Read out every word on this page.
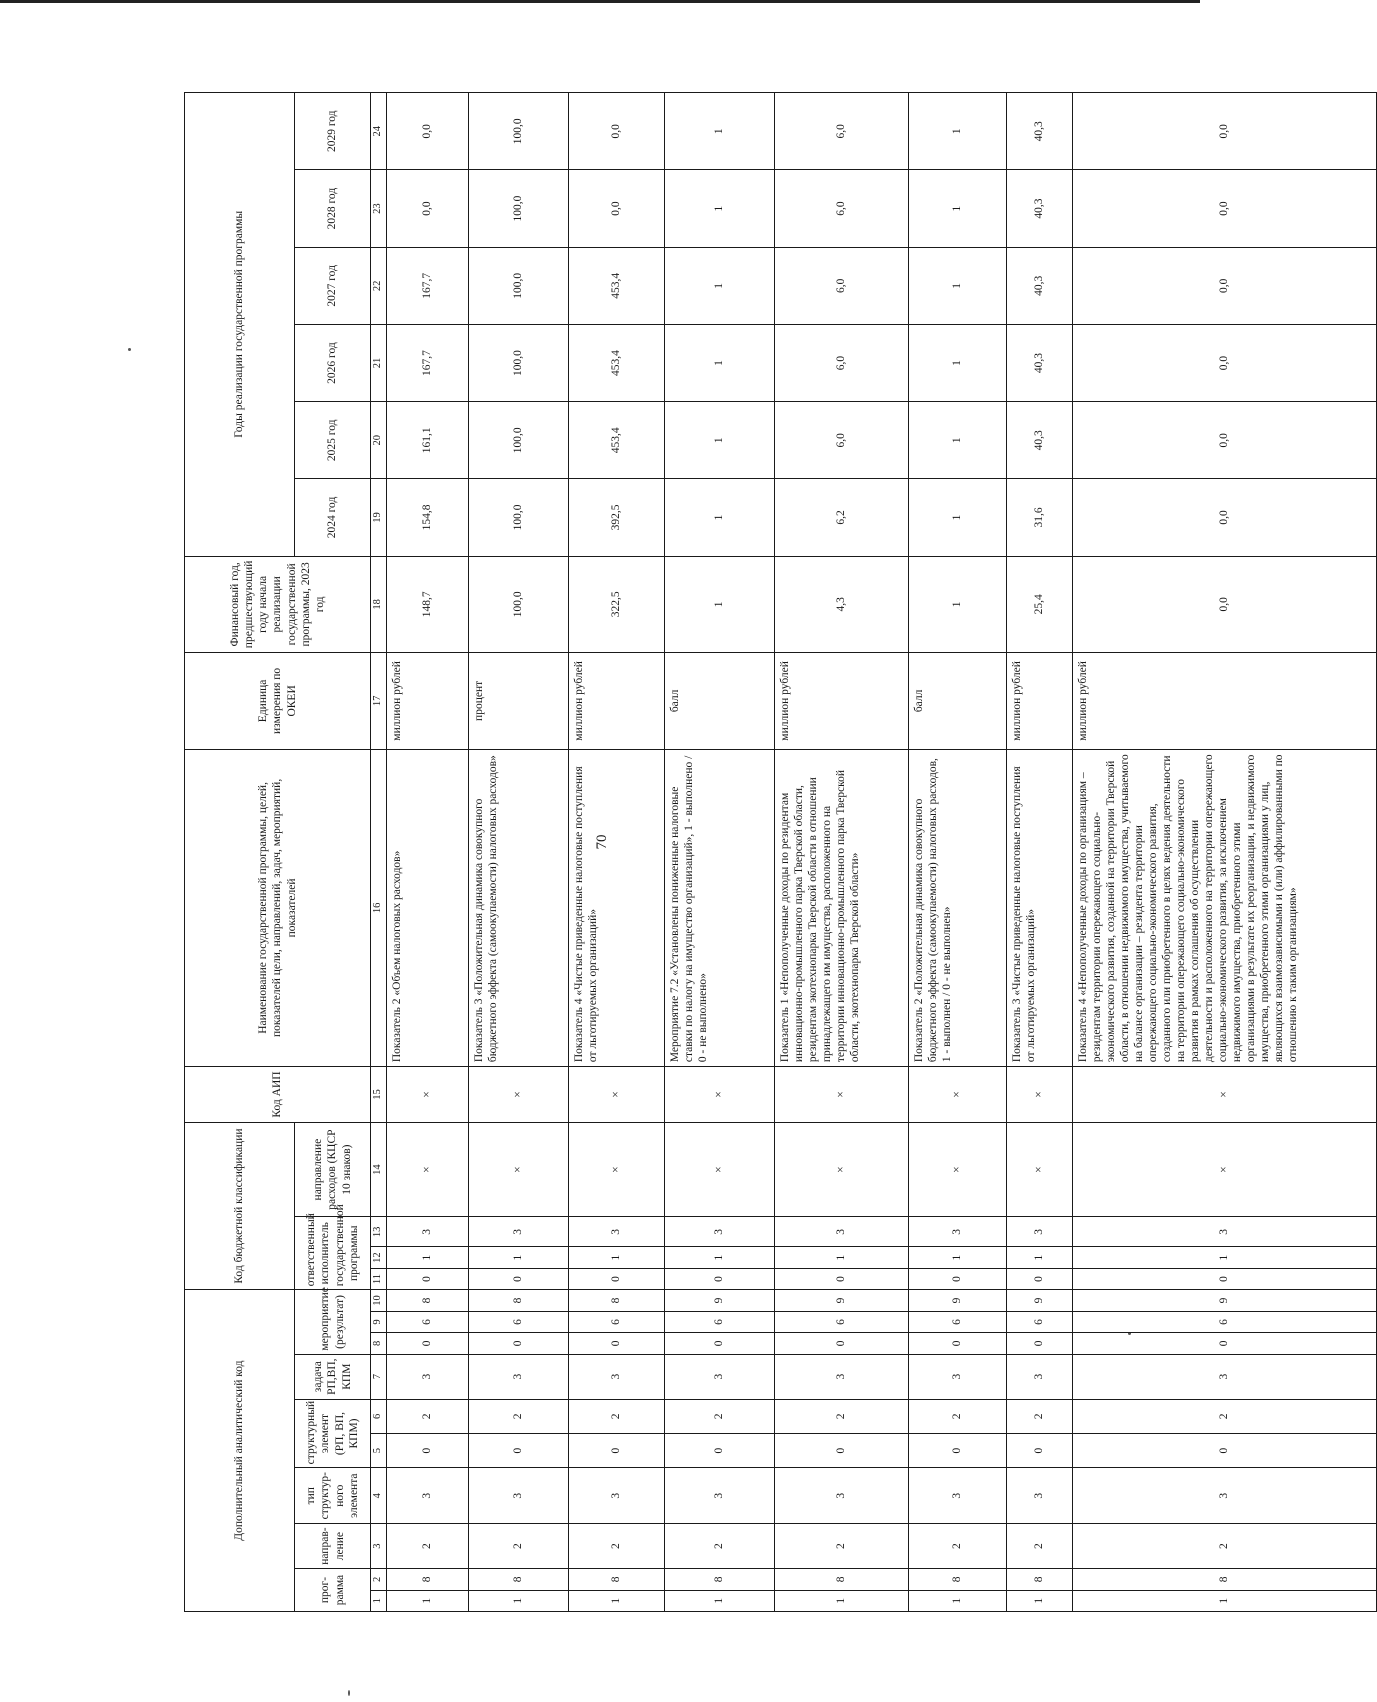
70
Дополнительный аналитический код										Код бюджетной классификации				Код АИП	Наименование государственной программы, целей, показателей цели, направлений, задач, мероприятий, показателей	Единица измерения по ОКЕИ	Финансовый год, предшествующий году начала реализации государственной программы, 2023 год	Годы реализации государственной программы					
прог-рамма		направ-ление	тип структур-ного элемента	структурный элемент (РП, ВП, КПМ)		задача РП,ВП, КПМ	мероприятие (результат)			ответственный исполнитель государственной программы			направление расходов (КЦСР 10 знаков)					2024 год	2025 год	2026 год	2027 год	2028 год	2029 год
1	2	3	4	5	6	7	8	9	10	11	12	13	14	15	16	17	18	19	20	21	22	23	24
1	8	2	3	0	2	3	0	6	8	0	1	3	×	×	Показатель 2 «Объем налоговых расходов»	миллион рублей	148,7	154,8	161,1	167,7	167,7	0,0	0,0
1	8	2	3	0	2	3	0	6	8	0	1	3	×	×	Показатель 3 «Положительная динамика совокупного бюджетного эффекта (самоокупаемости) налоговых расходов»	процент	100,0	100,0	100,0	100,0	100,0	100,0	100,0
1	8	2	3	0	2	3	0	6	8	0	1	3	×	×	Показатель 4 «Чистые приведенные налоговые поступления от льготируемых организаций»	миллион рублей	322,5	392,5	453,4	453,4	453,4	0,0	0,0
1	8	2	3	0	2	3	0	6	9	0	1	3	×	×	Мероприятие 7.2 «Установлены пониженные налоговые ставки по налогу на имущество организаций», 1 - выполнено / 0 - не выполнено»	балл	1	1	1	1	1	1	1
1	8	2	3	0	2	3	0	6	9	0	1	3	×	×	Показатель 1 «Непополученные доходы по резидентам инновационно-промышленного парка Тверской области, резидентам экотехнопарка Тверской области в отношении принадлежащего им имущества, расположенного на территории инновационно-промышленного парка Тверской области, экотехнопарка Тверской области»	миллион рублей	4,3	6,2	6,0	6,0	6,0	6,0	6,0
1	8	2	3	0	2	3	0	6	9	0	1	3	×	×	Показатель 2 «Положительная динамика совокупного бюджетного эффекта (самоокупаемости) налоговых расходов, 1 - выполнен / 0 - не выполнен»	балл	1	1	1	1	1	1	1
1	8	2	3	0	2	3	0	6	9	0	1	3	×	×	Показатель 3 «Чистые приведенные налоговые поступления от льготируемых организаций»	миллион рублей	25,4	31,6	40,3	40,3	40,3	40,3	40,3
1	8	2	3	0	2	3	0	6	9	0	1	3	×	×	Показатель 4 «Непополученные доходы по организациям – резидентам территории опережающего социально-экономического развития, созданной на территории Тверской области, в отношении недвижимого имущества, учитываемого на балансе организации – резидента территории опережающего социально-экономического развития, созданного или приобретенного в целях ведения деятельности на территории опережающего социально-экономического развития в рамках соглашения об осуществлении деятельности и расположенного на территории опережающего социально-экономического развития, за исключением недвижимого имущества, приобретенного этими организациями в результате их реорганизации, и недвижимого имущества, приобретенного этими организациями у лиц, являющихся взаимозависимыми и (или) аффилированными по отношению к таким организациям»	миллион рублей	0,0	0,0	0,0	0,0	0,0	0,0	0,0
